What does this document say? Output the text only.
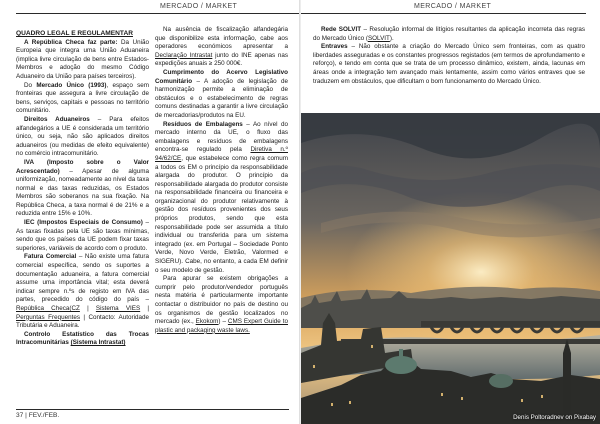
MERCADO / MARKET

QUADRO LEGAL E REGULAMENTAR

A República Checa faz parte: Da União Europeia que integra uma União Aduaneira (implica livre circulação de bens entre Estados-Membros e adoção do mesmo Código Aduaneiro da União para países terceiros).

Do Mercado Único (1993), espaço sem fronteiras que assegura a livre circulação de bens, serviços, capitais e pessoas no território comunitário.

Direitos Aduaneiros – Para efeitos alfandegários a UE é considerada um território único, ou seja, não são aplicados direitos aduaneiros (ou medidas de efeito equivalente) no comércio intracomunitário.

IVA (Imposto sobre o Valor Acrescentado) – Apesar de alguma uniformização, nomeadamente ao nível da taxa normal e das taxas reduzidas, os Estados Membros são soberanos na sua fixação. Na República Checa, a taxa normal é de 21% e a reduzida entre 15% e 10%.

IEC (Impostos Especiais de Consumo) – As taxas fixadas pela UE são taxas mínimas, sendo que os países da UE podem fixar taxas superiores, variáveis de acordo com o produto.

Fatura Comercial – Não existe uma fatura comercial específica, sendo os suportes a documentação aduaneira, a fatura comercial assume uma importância vital; esta deverá indicar sempre n.ºs de registo em IVA das partes, precedido do código do país – República Checa(CZ | Sistema VIES | Perguntas Frequentes | Contacto: Autoridade Tributária e Aduaneira.

Controlo Estatístico das Trocas Intracomunitárias (Sistema Intrastat)

Na ausência de fiscalização alfandegária que disponibilize esta informação, cabe aos operadores económicos apresentar a Declaração Intrastat junto do INE apenas nas expedições anuais ≥ 250 000€.

Cumprimento do Acervo Legislativo Comunitário – A adoção de legislação de harmonização permite a eliminação de obstáculos e o estabelecimento de regras comuns destinadas a garantir a livre circulação de mercadorias/produtos na EU.

Resíduos de Embalagens – Ao nível do mercado interno da UE, o fluxo das embalagens e resíduos de embalagens encontra-se regulado pela Diretiva n.º 94/62/CE, que estabelece como regra comum a todos os EM o princípio da responsabilidade alargada do produtor. O princípio da responsabilidade alargada do produtor consiste na responsabilidade financeira ou financeira e organizacional do produtor relativamente à gestão dos resíduos provenientes dos seus próprios produtos, sendo que esta responsabilidade pode ser assumida a título individual ou transferida para um sistema integrado (ex. em Portugal – Sociedade Ponto Verde, Novo Verde, Eletrão, Valormed e SIGERU). Cabe, no entanto, a cada EM definir o seu modelo de gestão.

Para apurar se existem obrigações a cumprir pelo produtor/vendedor português nesta matéria é particularmente importante contactar o distribuidor no país de destino ou os organismos de gestão localizados no mercado (ex., Ekokom) – CMS Expert Guide to plastic and packaging waste laws.

37 | FEV./FEB.
MERCADO / MARKET

Rede SOLVIT – Resolução informal de litígios resultantes da aplicação incorreta das regras do Mercado Único (SOLVIT).

Entraves – Não obstante a criação do Mercado Único sem fronteiras, com as quatro liberdades asseguradas e os constantes progressos registados (em termos de aprofundamento e reforço), e tendo em conta que se trata de um processo dinâmico, existem, ainda, lacunas em áreas onde a integração tem avançado mais lentamente, assim como vários entraves que se traduzem em obstáculos, que dificultam o bom funcionamento do Mercado Único.

Denis Poltoradnev on Pixabay
